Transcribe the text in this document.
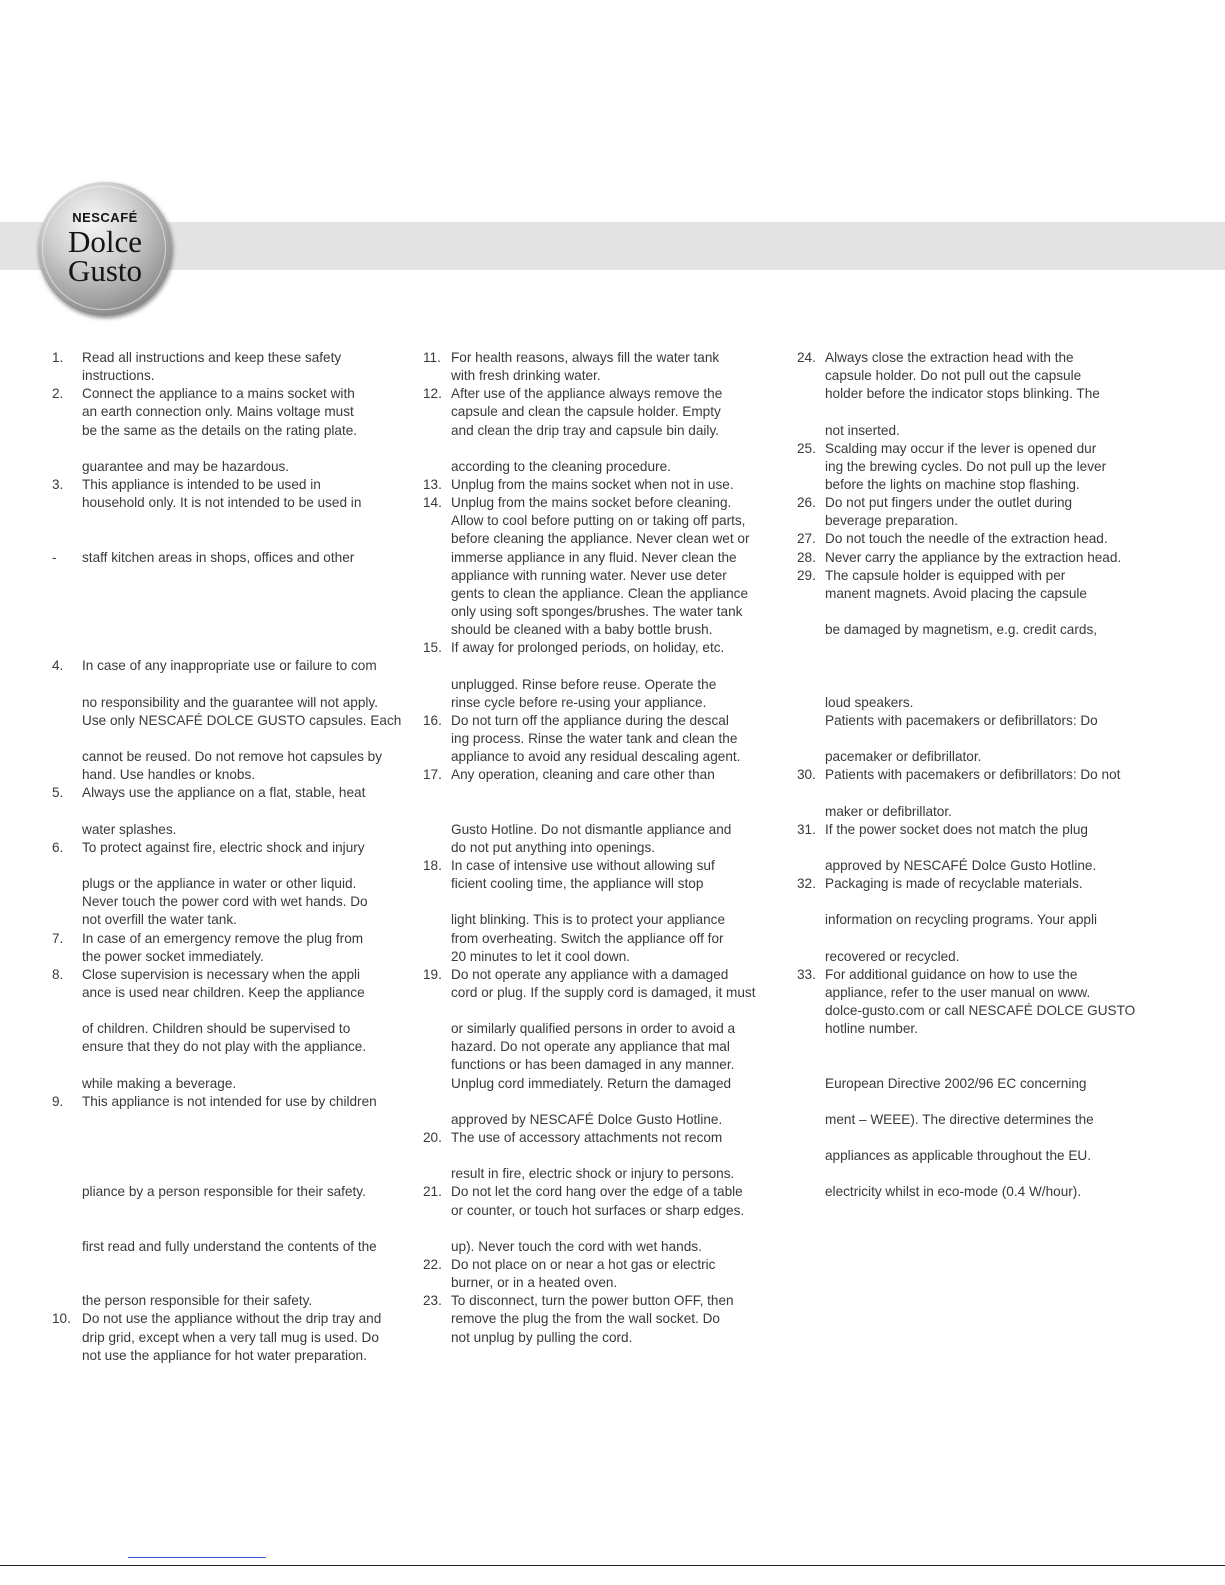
NESCAFÉ
Dolce
Gusto
1. Read all instructions and keep these safety
instructions.
2. Connect the appliance to a mains socket with
an earth connection only. Mains voltage must
be the same as the details on the rating plate.
guarantee and may be hazardous.
3. This appliance is intended to be used in
household only. It is not intended to be used in
- staff kitchen areas in shops, offices and other
4. In case of any inappropriate use or failure to com
no responsibility and the guarantee will not apply.
Use only NESCAFÉ DOLCE GUSTO capsules. Each
cannot be reused. Do not remove hot capsules by
hand. Use handles or knobs.
5. Always use the appliance on a flat, stable, heat
water splashes.
6. To protect against fire, electric shock and injury
plugs or the appliance in water or other liquid.
Never touch the power cord with wet hands. Do
not overfill the water tank.
7. In case of an emergency remove the plug from
the power socket immediately.
8. Close supervision is necessary when the appli
ance is used near children. Keep the appliance
of children. Children should be supervised to
ensure that they do not play with the appliance.
while making a beverage.
9. This appliance is not intended for use by children
pliance by a person responsible for their safety.
first read and fully understand the contents of the
the person responsible for their safety.
10. Do not use the appliance without the drip tray and
drip grid, except when a very tall mug is used. Do
not use the appliance for hot water preparation.
11. For health reasons, always fill the water tank
with fresh drinking water.
12. After use of the appliance always remove the
capsule and clean the capsule holder. Empty
and clean the drip tray and capsule bin daily.
according to the cleaning procedure.
13. Unplug from the mains socket when not in use.
14. Unplug from the mains socket before cleaning.
Allow to cool before putting on or taking off parts,
before cleaning the appliance. Never clean wet or
immerse appliance in any fluid. Never clean the
appliance with running water. Never use deter
gents to clean the appliance. Clean the appliance
only using soft sponges/brushes. The water tank
should be cleaned with a baby bottle brush.
15. If away for prolonged periods, on holiday, etc.
unplugged. Rinse before reuse. Operate the
rinse cycle before re-using your appliance.
16. Do not turn off the appliance during the descal
ing process. Rinse the water tank and clean the
appliance to avoid any residual descaling agent.
17. Any operation, cleaning and care other than
Gusto Hotline. Do not dismantle appliance and
do not put anything into openings.
18. In case of intensive use without allowing suf
ficient cooling time, the appliance will stop
light blinking. This is to protect your appliance
from overheating. Switch the appliance off for
20 minutes to let it cool down.
19. Do not operate any appliance with a damaged
cord or plug. If the supply cord is damaged, it must
or similarly qualified persons in order to avoid a
hazard. Do not operate any appliance that mal
functions or has been damaged in any manner.
Unplug cord immediately. Return the damaged
approved by NESCAFÉ Dolce Gusto Hotline.
20. The use of accessory attachments not recom
result in fire, electric shock or injury to persons.
21. Do not let the cord hang over the edge of a table
or counter, or touch hot surfaces or sharp edges.
up). Never touch the cord with wet hands.
22. Do not place on or near a hot gas or electric
burner, or in a heated oven.
23. To disconnect, turn the power button OFF, then
remove the plug the from the wall socket. Do
not unplug by pulling the cord.
24. Always close the extraction head with the
capsule holder. Do not pull out the capsule
holder before the indicator stops blinking. The
not inserted.
25. Scalding may occur if the lever is opened dur
ing the brewing cycles. Do not pull up the lever
before the lights on machine stop flashing.
26. Do not put fingers under the outlet during
beverage preparation.
27. Do not touch the needle of the extraction head.
28. Never carry the appliance by the extraction head.
29. The capsule holder is equipped with per
manent magnets. Avoid placing the capsule
be damaged by magnetism, e.g. credit cards,
loud speakers.
Patients with pacemakers or defibrillators: Do
pacemaker or defibrillator.
30. Patients with pacemakers or defibrillators: Do not
maker or defibrillator.
31. If the power socket does not match the plug
approved by NESCAFÉ Dolce Gusto Hotline.
32. Packaging is made of recyclable materials.
information on recycling programs. Your appli
recovered or recycled.
33. For additional guidance on how to use the
appliance, refer to the user manual on www.
dolce-gusto.com or call NESCAFÉ DOLCE GUSTO
hotline number.
European Directive 2002/96 EC concerning
ment – WEEE). The directive determines the
appliances as applicable throughout the EU.
electricity whilst in eco-mode (0.4 W/hour).
